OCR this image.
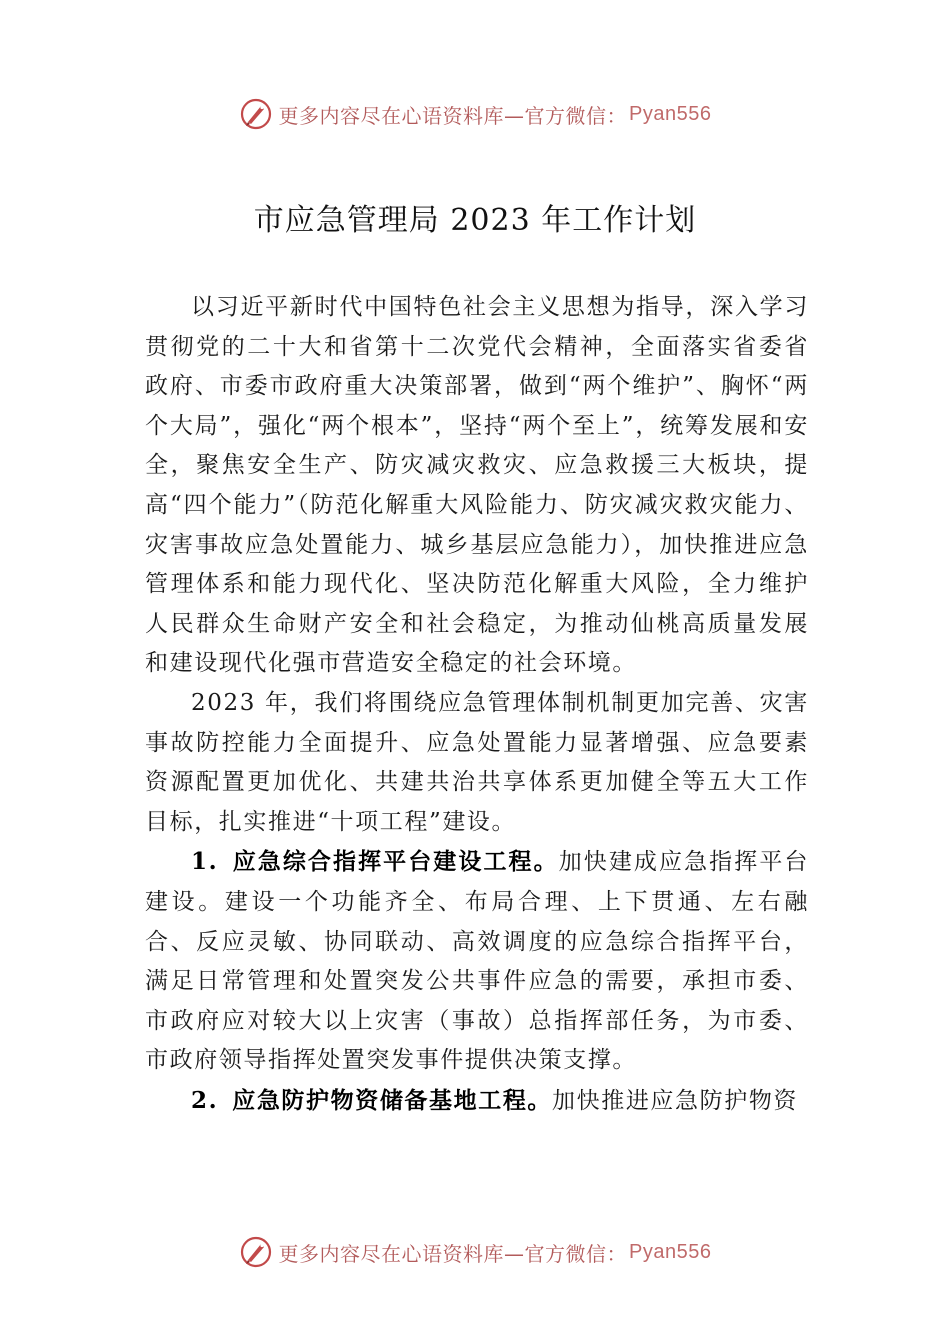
更多内容尽在心语资料库—官方微信： Pyan556
市应急管理局 2023 年工作计划

以习近平新时代中国特色社会主义思想为指导，深入学习贯彻党的二十大和省第十二次党代会精神，全面落实省委省政府、市委市政府重大决策部署，做到“两个维护”、胸怀“两个大局”，强化“两个根本”，坚持“两个至上”，统筹发展和安全，聚焦安全生产、防灾减灾救灾、应急救援三大板块，提高“四个能力”（防范化解重大风险能力、防灾减灾救灾能力、灾害事故应急处置能力、城乡基层应急能力），加快推进应急管理体系和能力现代化、坚决防范化解重大风险，全力维护人民群众生命财产安全和社会稳定，为推动仙桃高质量发展和建设现代化强市营造安全稳定的社会环境。

2023 年，我们将围绕应急管理体制机制更加完善、灾害事故防控能力全面提升、应急处置能力显著增强、应急要素资源配置更加优化、共建共治共享体系更加健全等五大工作目标，扎实推进“十项工程”建设。

1. 应急综合指挥平台建设工程。加快建成应急指挥平台建设。建设一个功能齐全、布局合理、上下贯通、左右融合、反应灵敏、协同联动、高效调度的应急综合指挥平台，满足日常管理和处置突发公共事件应急的需要，承担市委、市政府应对较大以上灾害（事故）总指挥部任务，为市委、市政府领导指挥处置突发事件提供决策支撑。

2. 应急防护物资储备基地工程。加快推进应急防护物资

更多内容尽在心语资料库—官方微信： Pyan556
